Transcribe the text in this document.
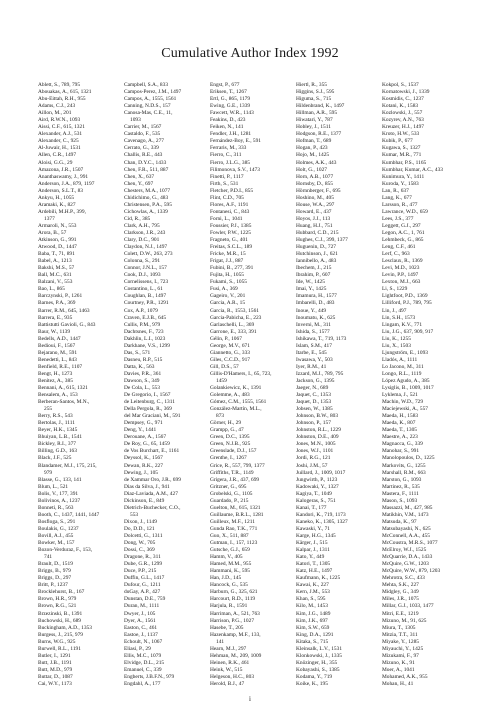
Cumulative Author Index 1992
Ablett, S., 789, 795
Abouakas, A., 615, 1321
Abu-Eittah, R.H., 955
Adams, C.J., 243
Aillon, M., 201
Aird, R.W.N., 1093
Aissi, C.F., 615, 1321
Alexander, A.J., 531
Alexander, C., 925
Al-Juwair, H., 1531
Allen, C.R., 1497
Aloisi, G.G., 29
Amazona, J.R., 1507
Ananthaswamy, J., 991
Anderson, J.A., 879, 1197
Anderson, S.L.T., 83
Ankyu, H., 1055
Aramaki, K., 827
Ardebili, M.H.P., 399,
1377
Armaroli, N., 553
Arora, B., 57
Atkinson, G., 991
Atwood, D., 1447
Baba, T., 71, 891
Babel, A., 1213
Bakshi, M.S., 57
Ball, M.C., 631
Balzani, V., 553
Bao, L., 865
Barczynski, P., 1261
Barnes, P.A., 369
Barrer, R.M., 645, 1463
Barrera, E., 935
Battistutti Gavioli, G., 843
Baur, W., 1139
Bedells, A.D., 1447
Bedioui, F., 1567
Bejarano, M., 591
Benedetti, L., 843
Benfield, R.E., 1107
Bengt, H., 1273
Benitez, A., 385
Bennani, A., 615, 1321
Bensalem, A., 153
Berberan-Santos, M.N.,
255
Berry, R.S., 543
Bertolas, J., 1111
Beyer, H.K., 1345
Bhuiyan, L.B., 1541
Bickley, R.I., 377
Billing, G.D., 163
Black, J.F., 525
Blandamer, M.J., 175, 215,
979
Blasse, G., 133, 141
Blum, L., 521
Bolis, V., 177, 391
Bolivinos, A., 1237
Bonneti, R., 563
Booth, C., 1437, 1441, 1447
Bosfloga, S., 291
Boulakis, G., 1237
Bovill, A.J., 455
Bowker, M., 157
Bozon-Verduraz, F., 153,
741
Brault, D., 1519
Briggs, B., 979
Briggs, D., 297
Britt, P., 1237
Brocklehurst, B., 167
Brown, H.R., 979
Brown, R.G., 521
Brzezinski, B., 1391
Buchowski, H., 689
Buckingham, A.D., 1353
Burgess, J., 215, 979
Burns, W.G., 925
Burwell, R.L., 1191
Butler, I., 1291
Butt, J.B., 1191
Butt, M.D., 979
Buttar, D., 1087
Cai, W.Y., 1173
Campbell, S.A., 833
Campos-Perez, J.M., 1497
Campos, A., 1555, 1561
Canning, N.D.S., 157
Canosa-Mas, C.E., 11,
1093
Carrier, M., 1567
Castaldo, F., 535
Cavenago, A., 277
Cerrato, G., 339
Challis, R.E., 443
Chan, D.Y.C., 1433
Chen, F.R., 511, 887
Chen, X., 637
Chen, Y., 697
Chesters, M.A., 1077
Chidichimo, G., 483
Christensen, P.A., 595
Cichowlas, A., 1339
Cid, R., 385
Clark, A.H., 795
Clarkson, J.R., 243
Clary, D.C., 901
Claydon, N.J., 1497
Colett, D.W., 263, 273
Colonna, S., 291
Connor, J.N.L., 157
Cook, D.J., 1093
Cornelissens, I., 723
Costantino, L., 61
Coughlan, B., 1497
Courtney, P.R., 1291
Cox, A.P., 1079
Craven, E.J.B., 645
Cullis, P.M., 979
Dachtsnes, F., 723
Dakhlin, L.I., 1023
Darkhane, V.S., 1299
Das, S., 571
Dasneu, R.P., 515
Datta, K., 563
Davies, P.R., 361
Dawson, S., 349
De Cola, L., 553
De Gregorio, I., 1567
de Leitenburg, C., 1311
Della Pergola, R., 369
del Mar Graciani, M., 591
Dempsey, G., 971
Deng, Y., 1441
Derouane, A., 1567
De Roy, G., 65, 1459
de Vos Burchart, E., 1161
Deyssol, K., 1567
Dewan, R.K., 227
Dewing, J., 105
de Xammar Oro, J.R., 699
Dias da Silva, J., 941
Diaz-Laviada, A.M., 427
Dickinson, E., 849
Dietrich-Buchecker, C.O.,
553
Dixon, J., 1149
Do, D.D., 121
Dolcetti, G., 1311
Dong, W., 705
Dossi, C., 369
Dragone, R., 311
Dube, G.R., 1299
Duce, P.P., 215
Duffin, G.L., 1417
Dufour, G., 1211
duGay, A.P., 427
Dunstan, D.E., 759
Duran, M., 1111
Dwyer, J., 105
Dyer, A., 1561
Easton, C., 461
Eastoe, J., 1137
Echoult, N., 1067
Eliasi, P., 29
Ellis, M.C., 1079
Elvidge, D.L., 215
Emanuel, C., 339
Engberts, J.B.F.N., 979
Engdahl, A., 177
Engst, P., 677
Eriksen, T., 1267
Ertl, G., 865, 1179
Ewing, G.E., 1339
Fawcett, W.R., 1143
Feakins, D., 423
Feiken, N., 141
Fendler, J.H., 1281
Fernández-Boy, E., 591
Ferraris, M., 333
Fierro, C., 311
Fierro, J.L.G., 385
Filimonova, S.V., 1473
Finetti, P., 1117
Firth, S., 531
Fletcher, P.D.I., 855
Flint, C.D., 705
Flores, A.F., 1191
Fontanesi, C., 843
Forni, L., 1041
Foussier, P.J., 1385
Fowler, P.W., 1225
Fragneto, G., 401
Freitas, S.C.L., 189
Fricke, M.R., 15
Frigat, J.J., 887
Fubini, B., 277, 391
Fujita, H., 1055
Fukami, S., 1055
Fusi, A., 369
Gageiro, V., 201
Garcia, A.R., 15
Garcia, R., 1553, 1561
Garcia-Pabicha, E., 223
Garlaschelli, L., 369
Garrone, E., 333, 391
Gélin, P., 1067
George, M.V., 671
Giannetto, G., 333
Giles, C.C.D., 917
Gill, D.S., 57
Gillis-D'Hamers, I., 65, 723,
1459
Golankiewicz, K., 1391
Golemme, A., 483
Gómez, C.M., 1555, 1561
González-Martín, M.L.,
873
Görner, H., 29
Grampp, G., 47
Green, D.C., 1395
Green, N.J.B., 925
Greenslade, D.J., 157
Grenthe, I., 1267
Grice, R., 557, 799, 1377
Griffiths, T.R., 1149
Grigera, J.R., 437, 699
Gritzner, G., 695
Grobelski, G., 1105
Guardado, P., 215
Guelton, M., 615, 1321
Guillaume, B.R.L., 1281
Guilleux, M.F., 1211
Gunda Rao, T.K., 771
Guo, X., 511, 887
Gutman, I., 157, 1123
Gutsche, G.J., 659
Hamm, V., 405
Hamed, M.M., 955
Hammani, K., 595
Han, J.D., 145
Hancock, G., 535
Harburn, G., 325, 621
Harcourt, R.D., 1119
Harjula, R., 1591
Harriman, A., 521, 763
Harrison, P.G., 1027
Hasebe, T., 205
Hazenkamp, M.F., 133,
141
Hearn, M.J., 297
Hehman, M., 209, 1009
Heinen, R.K., 461
Heink, W., 515
Helgeson, H.C., 803
Herold, B.J., 47
Hiertl, R., 355
Higgins, S.J., 595
Higuma, S., 715
Hildenbrand, K., 1497
Hillman, A.R., 595
Hiwatari, Y., 787
Hobley, J., 1511
Hodgson, R.E., 1377
Hofman, T., 689
Hogan, P., 423
Hojo, M., 1425
Holmes, A.K., 443
Holt, G., 1027
Horn, A.B., 1077
Hornsby, D., 855
Hörnnberger, F., 695
Hoshino, M., 405
House, W.A., 297
Howard, E., 437
Hoyos, J.J., 113
Huang, H.J., 751
Hubbard, C.D., 215
Hughes, C.J., 399, 1377
Huguenin, D., 727
Hutchinson, J., 621
Iannibello, A., 483
Ibechem, J., 215
Ibrahim, P., 607
Ide, W., 1425
Imai, Y., 1425
Imamura, H., 1577
Imbarelli, D., 483
Inoue, Y., 449
Inoumatu, K., 625
Inverni, M., 311
Ishida, S., 1577
Ishikawa, T., 719, 1173
Islam, S.M., 417
Itarbe, E., 545
Iwasawa, Y., 503
Iyer, R.M., 41
Izzard, M.J., 789, 795
Jackson, G., 1395
Jaeger, N., 689
Jaquet, C., 1353
Jaquet, D., 1353
Jobsen, W., 1385
Johnson, B.W., 803
Johnson, P., 157
Johnston, R.L., 1229
Johnston, D.E., 409
Jones, M.N., 1005
Jones, W.J., 1101
Jordi, R.G., 121
Joshi, J.M., 57
Juillard, J., 1009, 1017
Jungwirth, P., 1123
Kadowaki, Y., 1327
Kagiya, T., 1049
Kalogeras, S., 751
Kanai, T., 177
Kandori, K., 719, 1173
Kaneko, K., 1305, 1327
Kawaski, Y., 71
Karge, H.G., 1345
Kärger, J., 515
Kalpar, J., 1311
Kato, Y., 449
Katori, T., 1305
Katz, H.E., 1497
Kaufmann, K., 1225
Kawai, K., 227
Kern, J.M., 553
Khan, S., 595
Kilo, M., 1453
Kim, J.G., 1489
Kim, J.K., 697
Kim, S.W., 659
King, D.A., 1291
Kitaka, S., 715
Kleinsalk, L.V., 1531
Klonkowski, J., 1335
Knözinger, H., 355
Kobayashi, S., 1385
Kodama, Y., 719
Koike, K., 195
Kokpol, S., 1537
Kornatowski, J., 1339
Kosmidis, C., 1237
Kotani, K., 1583
Kozlowski, J., 557
Kozyrev, A.N., 763
Kreuzer, H.J., 1497
Kroto, H.W., 533
Kubik, P., 677
Kugawa, S., 1327
Kumar, M.R., 771
Kumbhar, P.S., 1165
Kumbhar, Kumar, A.C., 433
Kunimura, Y., 1411
Kuroda, Y., 1583
Lan, R., 637
Lang, K., 677
Larsson, R., 477
Lawrance, W.D., 659
Lees, J.S., 377
Leggett, G.J., 297
Legon, A.C., 1, 761
Lehmbeck, G., 865
Leng, C.F., 461
Lerf, C., 963
Lesclaux, R., 1369
Levi, M.D., 1023
Levin, P.P., 1497
Lexton, M.J., 663
Li, S., 1229
Lightfoot, P.D., 1369
Lilliford, P.J., 789, 795
Lin, J., 497
Lin, S.H., 1573
Lingam, K.V., 771
Liu, J.G., 637, 909, 917
Liu, K., 1255
Liu, X., 1503
Ljungström, E., 1093
Lladós, A., 1111
Lo Jacono, M., 311
Longo, R.L., 1119
López Agudo, A., 385
Lysiglis, B., 1009, 1017
Lyklema, J., 521
Machin, W.D., 729
Maciejewski, A., 557
Maeda, H., 1583
Maeda, K., 807
Maeda, T., 1305
Maestre, A., 223
Magnacca, G., 339
Manohar, S., 991
Manolopoulos, D., 1225
Markovits, G., 1255
Marshall, R.M., 663
Marston, G., 1093
Martinez, R., 535
Mastera, F., 1111
Mason, S., 1093
Massazzi, M., 427, 985
Matikhin, V.M., 1473
Matsuda, K., 97
Matsubayashi, N., 625
McConnell, A.A., 455
McCoustra, M.R.S., 1077
McElroy, W.J., 1525
McQuarrie, D.A., 1433
McQuire, G.W., 1203
McQuire, W.W., 879, 1203
Mehrotra, S.C., 433
Mehta, S.K., 227
Midgley, G., 349
Miles, J.R., 1075
Millar, G.J., 1033, 1477
Mitri, E.E., 1219
Mizuno, M., 91, 625
Miura, T., 1305
Mitzia, T.T., 311
Miyake, Y., 1285
Miyauchi, Y., 1425
Mizukami, F., 97
Mizuno, K., 91
Moer, A., 1041
Mohamed, A.K., 955
Mohan, H., 41
i
